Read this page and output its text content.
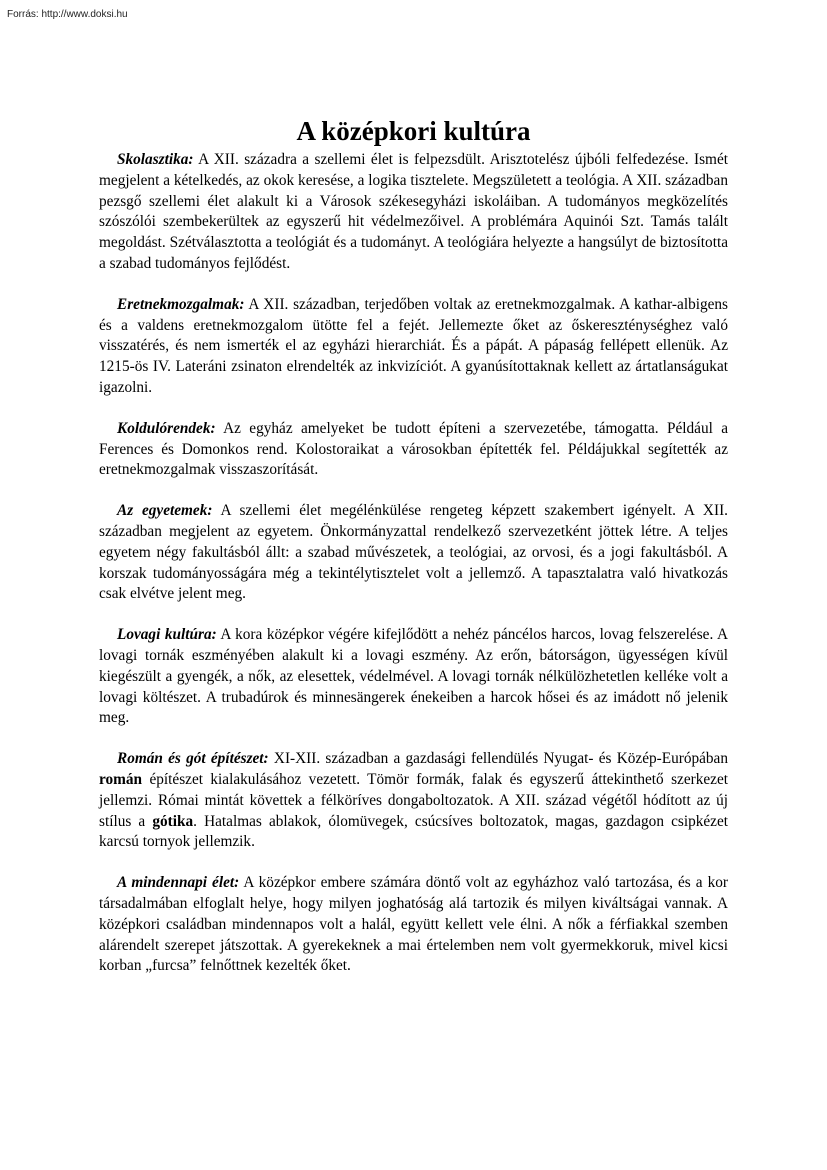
Forrás: http://www.doksi.hu
A középkori kultúra

Skolasztika: A XII. századra a szellemi élet is felpezsdült. Arisztotelész újbóli felfedezése. Ismét megjelent a kételkedés, az okok keresése, a logika tisztelete. Megszületett a teológia. A XII. században pezsgő szellemi élet alakult ki a Városok székesegyházi iskoláiban. A tudományos megközelítés szószólói szembekerültek az egyszerű hit védelmezőivel. A problémára Aquinói Szt. Tamás talált megoldást. Szétválasztotta a teológiát és a tudományt. A teológiára helyezte a hangsúlyt de biztosította a szabad tudományos fejlődést.

Eretnekmozgalmak: A XII. században, terjedőben voltak az eretnekmozgalmak. A kathar-albigens és a valdens eretnekmozgalom ütötte fel a fejét. Jellemezte őket az őskereszténységhez való visszatérés, és nem ismerték el az egyházi hierarchiát. És a pápát. A pápaság fellépett ellenük. Az 1215-ös IV. Lateráni zsinaton elrendelték az inkvizíciót. A gyanúsítottaknak kellett az ártatlanságukat igazolni.

Koldulórendek: Az egyház amelyeket be tudott építeni a szervezetébe, támogatta. Például a Ferences és Domonkos rend. Kolostoraikat a városokban építették fel. Példájukkal segítették az eretnekmozgalmak visszaszorítását.

Az egyetemek: A szellemi élet megélénkülése rengeteg képzett szakembert igényelt. A XII. században megjelent az egyetem. Önkormányzattal rendelkező szervezetként jöttek létre. A teljes egyetem négy fakultásból állt: a szabad művészetek, a teológiai, az orvosi, és a jogi fakultásból. A korszak tudományosságára még a tekintélytisztelet volt a jellemző. A tapasztalatra való hivatkozás csak elvétve jelent meg.

Lovagi kultúra: A kora középkor végére kifejlődött a nehéz páncélos harcos, lovag felszerelése. A lovagi tornák eszményében alakult ki a lovagi eszmény. Az erőn, bátorságon, ügyességen kívül kiegészült a gyengék, a nők, az elesettek, védelmével. A lovagi tornák nélkülözhetetlen kelléke volt a lovagi költészet. A trubadúrok és minnesängerek énekeiben a harcok hősei és az imádott nő jelenik meg.

Román és gót építészet: XI-XII. században a gazdasági fellendülés Nyugat- és Közép-Európában román építészet kialakulásához vezetett. Tömör formák, falak és egyszerű áttekinthető szerkezet jellemzi. Római mintát követtek a félköríves dongaboltozatok. A XII. század végétől hódított az új stílus a gótika. Hatalmas ablakok, ólomüvegek, csúcsíves boltozatok, magas, gazdagon csipkézet karcsú tornyok jellemzik.

A mindennapi élet: A középkor embere számára döntő volt az egyházhoz való tartozása, és a kor társadalmában elfoglalt helye, hogy milyen joghatóság alá tartozik és milyen kiváltságai vannak. A középkori családban mindennapos volt a halál, együtt kellett vele élni. A nők a férfiakkal szemben alárendelt szerepet játszottak. A gyerekeknek a mai értelemben nem volt gyermekkoruk, mivel kicsi korban „furcsa” felnőttnek kezelték őket.
